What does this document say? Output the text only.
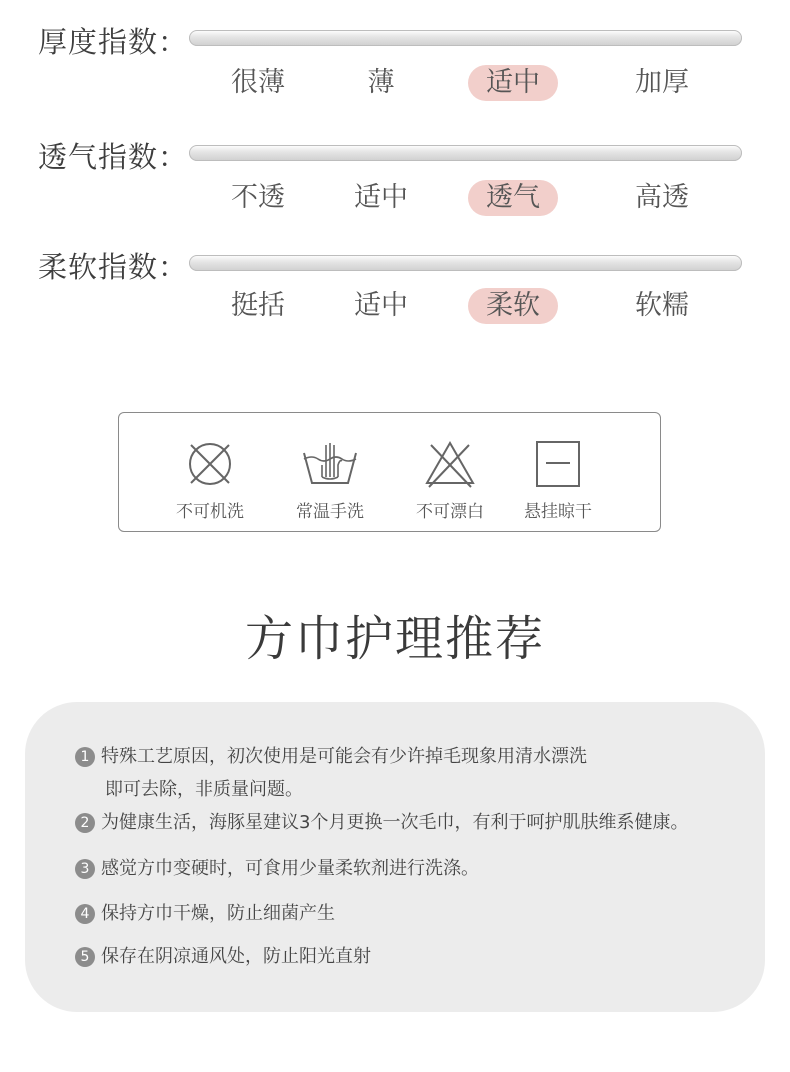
厚度指数：
很薄	薄	适中	加厚
透气指数：
不透	适中	透气	高透
柔软指数：
挺括	适中	柔软	软糯
不可机洗	常温手洗	不可漂白	悬挂晾干
方巾护理推荐
1 特殊工艺原因，初次使用是可能会有少许掉毛现象用清水漂洗
即可去除，非质量问题。
2 为健康生活，海豚星建议3个月更换一次毛巾，有利于呵护肌肤维系健康。
3 感觉方巾变硬时，可食用少量柔软剂进行洗涤。
4 保持方巾干燥，防止细菌产生
5 保存在阴凉通风处，防止阳光直射
